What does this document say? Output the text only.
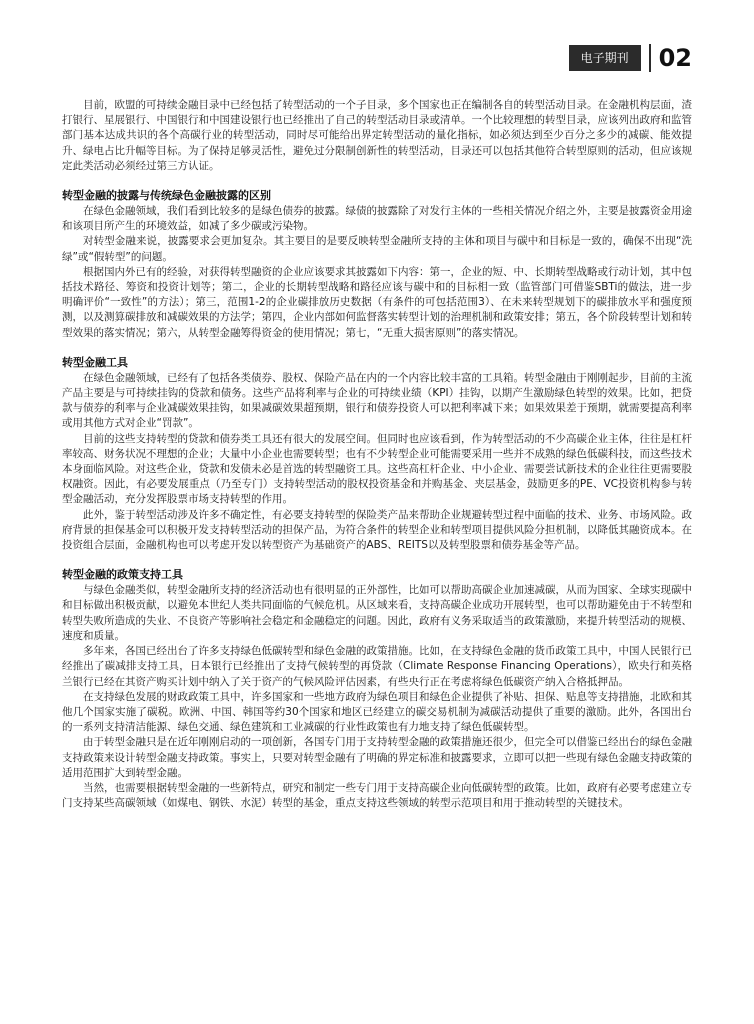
电子期刊	02

目前，欧盟的可持续金融目录中已经包括了转型活动的一个子目录，多个国家也正在编制各自的转型活动目录。在金融机构层面，渣打银行、星展银行、中国银行和中国建设银行也已经推出了自己的转型活动目录或清单。一个比较理想的转型目录，应该列出政府和监管部门基本达成共识的各个高碳行业的转型活动，同时尽可能给出界定转型活动的量化指标，如必须达到至少百分之多少的减碳、能效提升、绿电占比升幅等目标。为了保持足够灵活性，避免过分限制创新性的转型活动，目录还可以包括其他符合转型原则的活动，但应该规定此类活动必须经过第三方认证。

转型金融的披露与传统绿色金融披露的区别

在绿色金融领域，我们看到比较多的是绿色债券的披露。绿债的披露除了对发行主体的一些相关情况介绍之外，主要是披露资金用途和该项目所产生的环境效益，如减了多少碳或污染物。

对转型金融来说，披露要求会更加复杂。其主要目的是要反映转型金融所支持的主体和项目与碳中和目标是一致的，确保不出现“洗绿”或“假转型”的问题。

根据国内外已有的经验，对获得转型融资的企业应该要求其披露如下内容：第一，企业的短、中、长期转型战略或行动计划，其中包括技术路径、筹资和投资计划等；第二，企业的长期转型战略和路径应该与碳中和的目标相一致（监管部门可借鉴SBTi的做法，进一步明确评价“一致性”的方法）；第三，范围1-2的企业碳排放历史数据（有条件的可包括范围3）、在未来转型规划下的碳排放水平和强度预测，以及测算碳排放和减碳效果的方法学；第四，企业内部如何监督落实转型计划的治理机制和政策安排；第五，各个阶段转型计划和转型效果的落实情况；第六，从转型金融筹得资金的使用情况；第七，“无重大损害原则”的落实情况。

转型金融工具

在绿色金融领域，已经有了包括各类债券、股权、保险产品在内的一个内容比较丰富的工具箱。转型金融由于刚刚起步，目前的主流产品主要是与可持续挂钩的贷款和债务。这些产品将利率与企业的可持续业绩（KPI）挂钩，以期产生激励绿色转型的效果。比如，把贷款与债券的利率与企业减碳效果挂钩，如果减碳效果超预期，银行和债券投资人可以把利率减下来；如果效果差于预期，就需要提高利率或用其他方式对企业“罚款”。

目前的这些支持转型的贷款和债券类工具还有很大的发展空间。但同时也应该看到，作为转型活动的不少高碳企业主体，往往是杠杆率较高、财务状况不理想的企业；大量中小企业也需要转型；也有不少转型企业可能需要采用一些并不成熟的绿色低碳科技，而这些技术本身面临风险。对这些企业，贷款和发债未必是首选的转型融资工具。这些高杠杆企业、中小企业、需要尝试新技术的企业往往更需要股权融资。因此，有必要发展重点（乃至专门）支持转型活动的股权投资基金和并购基金、夹层基金，鼓励更多的PE、VC投资机构参与转型金融活动，充分发挥股票市场支持转型的作用。

此外，鉴于转型活动涉及许多不确定性，有必要支持转型的保险类产品来帮助企业规避转型过程中面临的技术、业务、市场风险。政府背景的担保基金可以积极开发支持转型活动的担保产品，为符合条件的转型企业和转型项目提供风险分担机制，以降低其融资成本。在投资组合层面，金融机构也可以考虑开发以转型资产为基础资产的ABS、REITS以及转型股票和债券基金等产品。

转型金融的政策支持工具

与绿色金融类似，转型金融所支持的经济活动也有很明显的正外部性，比如可以帮助高碳企业加速减碳，从而为国家、全球实现碳中和目标做出积极贡献，以避免本世纪人类共同面临的气候危机。从区域来看，支持高碳企业成功开展转型，也可以帮助避免由于不转型和转型失败所造成的失业、不良资产等影响社会稳定和金融稳定的问题。因此，政府有义务采取适当的政策激励，来提升转型活动的规模、速度和质量。

多年来，各国已经出台了许多支持绿色低碳转型和绿色金融的政策措施。比如，在支持绿色金融的货币政策工具中，中国人民银行已经推出了碳减排支持工具，日本银行已经推出了支持气候转型的再贷款（Climate Response Financing Operations），欧央行和英格兰银行已经在其资产购买计划中纳入了关于资产的气候风险评估因素，有些央行正在考虑将绿色低碳资产纳入合格抵押品。

在支持绿色发展的财政政策工具中，许多国家和一些地方政府为绿色项目和绿色企业提供了补贴、担保、贴息等支持措施，北欧和其他几个国家实施了碳税。欧洲、中国、韩国等约30个国家和地区已经建立的碳交易机制为减碳活动提供了重要的激励。此外，各国出台的一系列支持清洁能源、绿色交通、绿色建筑和工业减碳的行业性政策也有力地支持了绿色低碳转型。

由于转型金融只是在近年刚刚启动的一项创新，各国专门用于支持转型金融的政策措施还很少，但完全可以借鉴已经出台的绿色金融支持政策来设计转型金融支持政策。事实上，只要对转型金融有了明确的界定标准和披露要求，立即可以把一些现有绿色金融支持政策的适用范围扩大到转型金融。

当然，也需要根据转型金融的一些新特点，研究和制定一些专门用于支持高碳企业向低碳转型的政策。比如，政府有必要考虑建立专门支持某些高碳领域（如煤电、钢铁、水泥）转型的基金，重点支持这些领域的转型示范项目和用于推动转型的关键技术。
